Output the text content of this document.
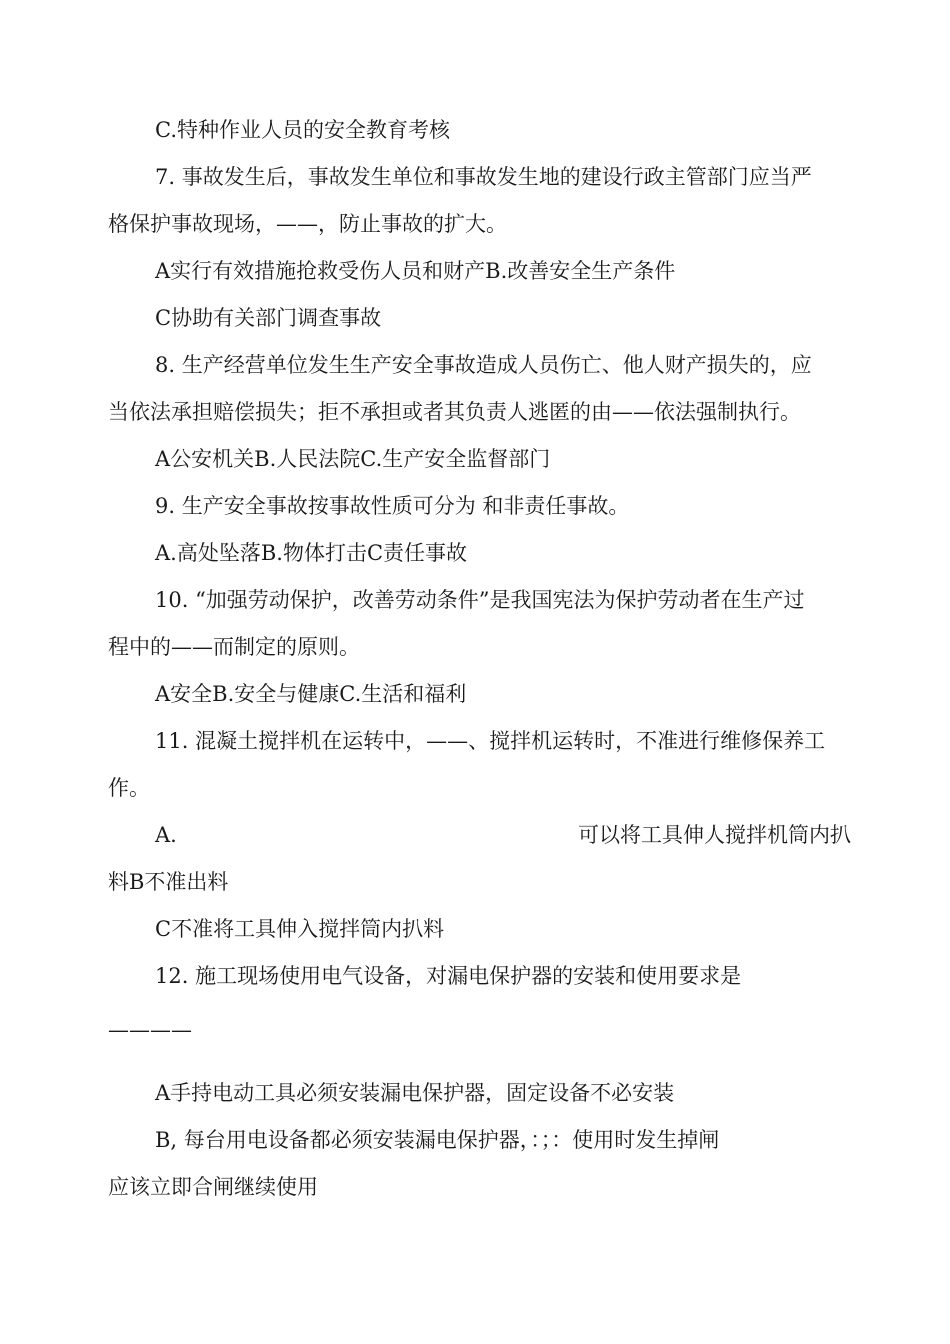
C.特种作业人员的安全教育考核

7. 事故发生后，事故发生单位和事故发生地的建设行政主管部门应当严

格保护事故现场，——，防止事故的扩大。

A实行有效措施抢救受伤人员和财产B.改善安全生产条件

C协助有关部门调查事故

8. 生产经营单位发生生产安全事故造成人员伤亡、他人财产损失的，应

当依法承担赔偿损失；拒不承担或者其负责人逃匿的由——依法强制执行。

A公安机关B.人民法院C.生产安全监督部门

9. 生产安全事故按事故性质可分为 和非责任事故。

A.高处坠落B.物体打击C责任事故

10. “加强劳动保护，改善劳动条件”是我国宪法为保护劳动者在生产过

程中的——而制定的原则。

A安全B.安全与健康C.生活和福利

11. 混凝土搅拌机在运转中，——、搅拌机运转时，不准进行维修保养工

作。

A.	可以将工具伸人搅拌机筒内扒

料B不准出料

C不准将工具伸入搅拌筒内扒料

12. 施工现场使用电气设备，对漏电保护器的安装和使用要求是

————

A手持电动工具必须安装漏电保护器，固定设备不必安装

B, 每台用电设备都必须安装漏电保护器，：；：使用时发生掉闸

应该立即合闸继续使用
